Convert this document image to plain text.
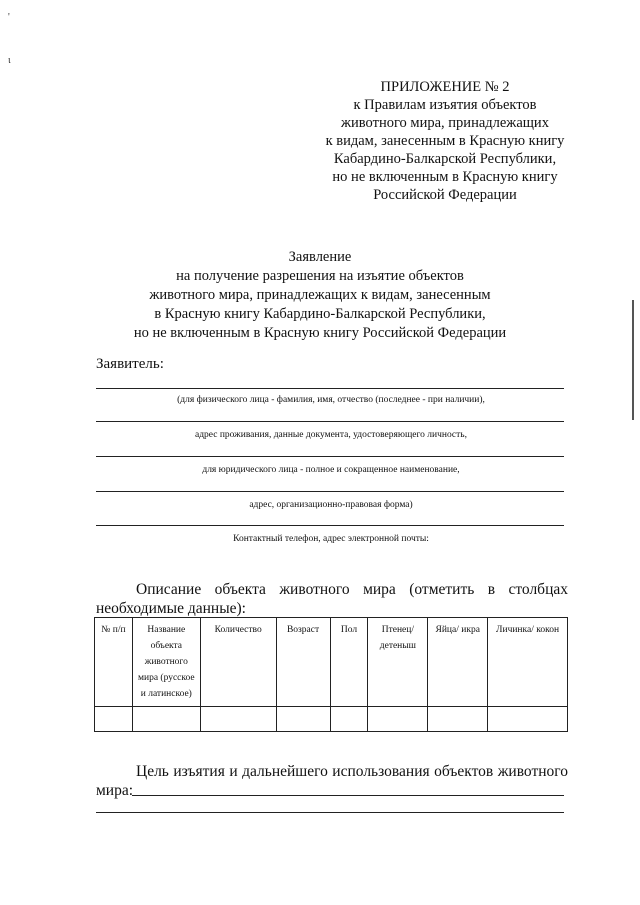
'
ι
ПРИЛОЖЕНИЕ № 2
к Правилам изъятия объектов
животного мира, принадлежащих
к видам, занесенным в Красную книгу
Кабардино-Балкарской Республики,
но не включенным в Красную книгу
Российской Федерации
Заявление
на получение разрешения на изъятие объектов
животного мира, принадлежащих к видам, занесенным
в Красную книгу Кабардино-Балкарской Республики,
но не включенным в Красную книгу Российской Федерации
Заявитель:
(для физического лица - фамилия, имя, отчество (последнее - при наличии),
адрес проживания, данные документа, удостоверяющего личность,
для юридического лица - полное и сокращенное наименование,
адрес, организационно-правовая форма)
Контактный телефон, адрес электронной почты:
Описание объекта животного мира (отметить в столбцах необходимые данные):
№ п/п	Название объекта животного мира (русское и латинское)	Количество	Возраст	Пол	Птенец/ детеныш	Яйца/ икра	Личинка/ кокон

Цель изъятия и дальнейшего использования объектов животного мира:
